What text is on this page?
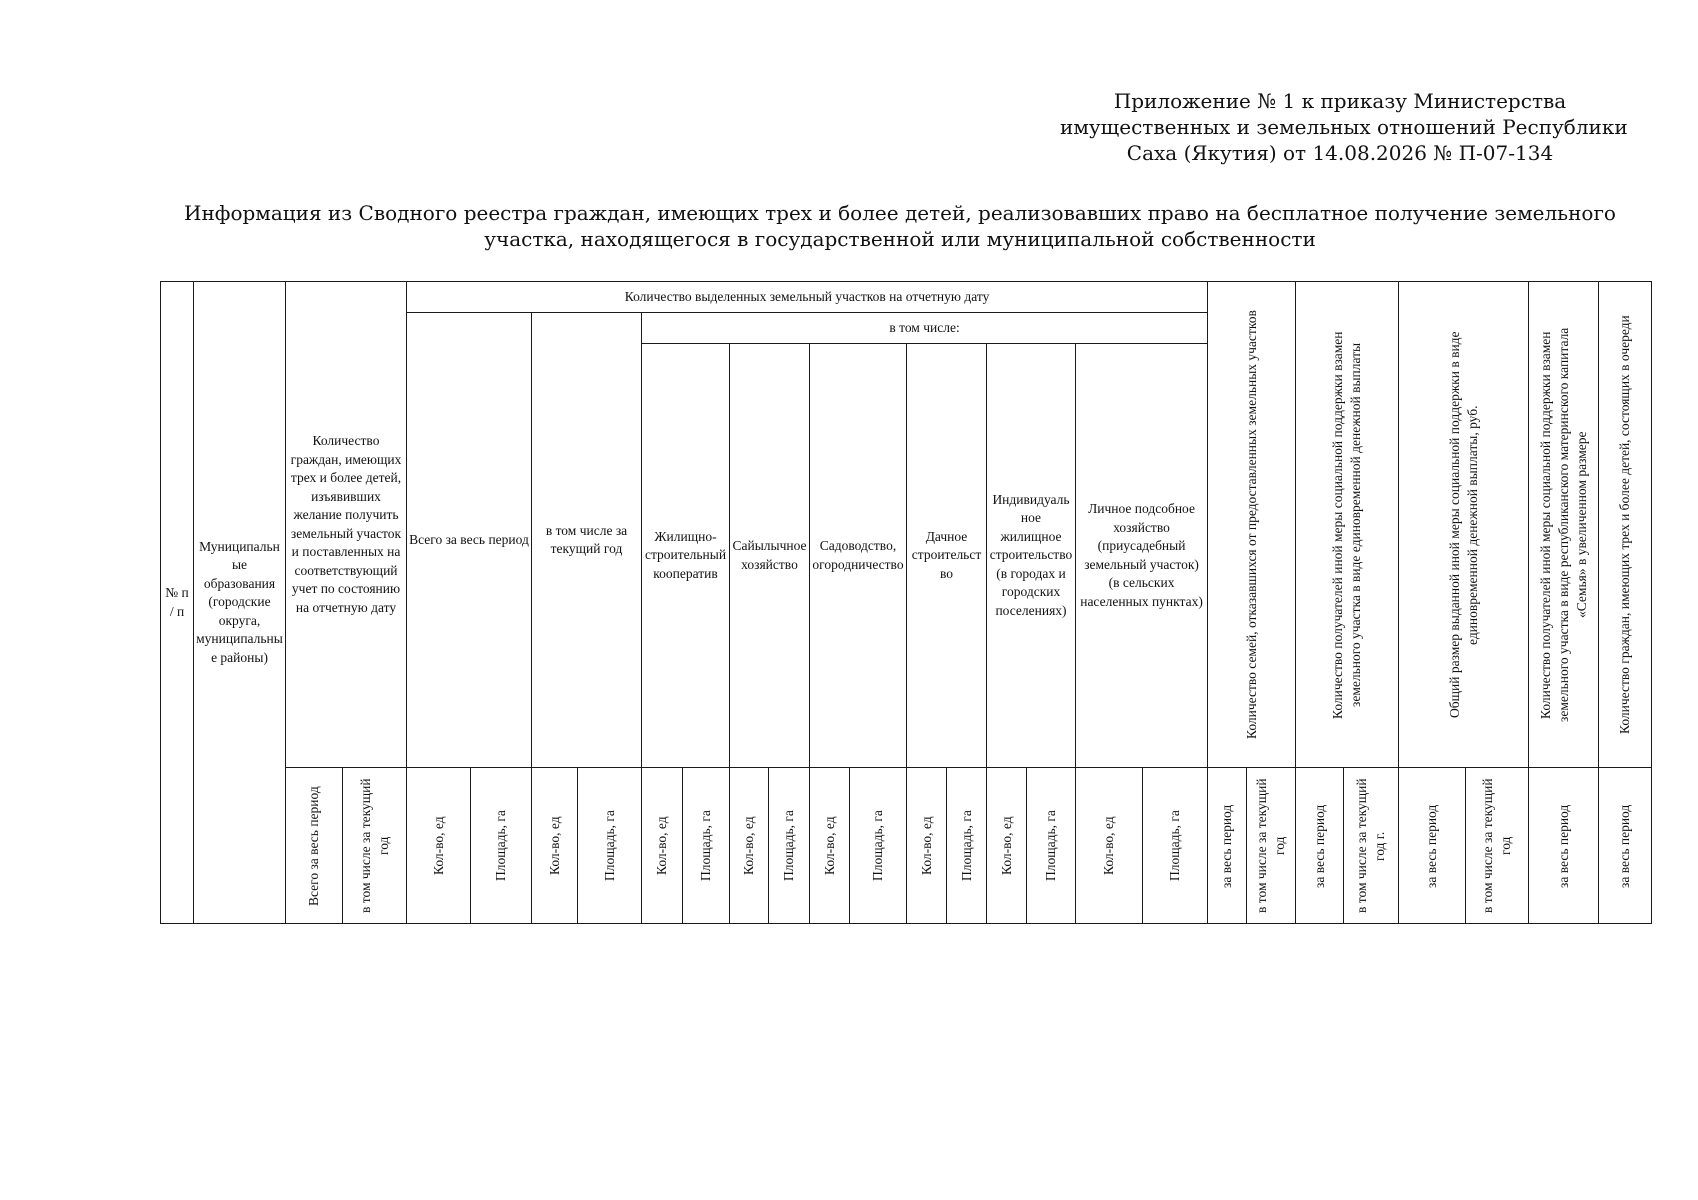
Приложение № 1 к приказу Министерства
имущественных и земельных отношений Республики
Саха (Якутия) от 14.08.2026 № П-07-134
Информация из Сводного реестра граждан, имеющих трех и более детей, реализовавших право на бесплатное получение земельного
участка, находящегося в государственной или муниципальной собственности
№ п / п	Муниципальные образования (городские округа, муниципальные районы)	Количество граждан, имеющих трех и более детей, изъявивших желание получить земельный участок и поставленных на соответствующий учет по состоянию на отчетную дату		Количество выделенных земельный участков на отчетную дату																Количество семей, отказавшихся от предоставленных земельных участков		Количество получателей иной меры социальной поддержки взамен земельного участка в виде единовременной денежной выплаты		Общий размер выданной иной меры социальной поддержки в виде единовременной денежной выплаты, руб.		Количество получателей иной меры социальной поддержки взамен земельного участка в виде республиканского материнского капитала «Семья» в увеличенном размере	Количество граждан, имеющих трех и более детей, состоящих в очереди

				Всего за весь период		в том числе за текущий год		в том числе:																			

								Жилищно-строительный кооператив		Сайылычное хозяйство		Садоводство, огородничество		Дачное строительство		Индивидуальное жилищное строительство (в городах и городских поселениях)		Личное подсобное хозяйство (приусадебный земельный участок) (в сельских населенных пунктах)									

		Всего за весь период	в том числе за текущий год	Кол-во, ед	Площадь, га	Кол-во, ед	Площадь, га	Кол-во, ед	Площадь, га	Кол-во, ед	Площадь, га	Кол-во, ед	Площадь, га	Кол-во, ед	Площадь, га	Кол-во, ед	Площадь, га	Кол-во, ед	Площадь, га	за весь период	в том числе за текущий год	за весь период	в том числе за текущий год г.	за весь период	в том числе за текущий год	за весь период	за весь период
